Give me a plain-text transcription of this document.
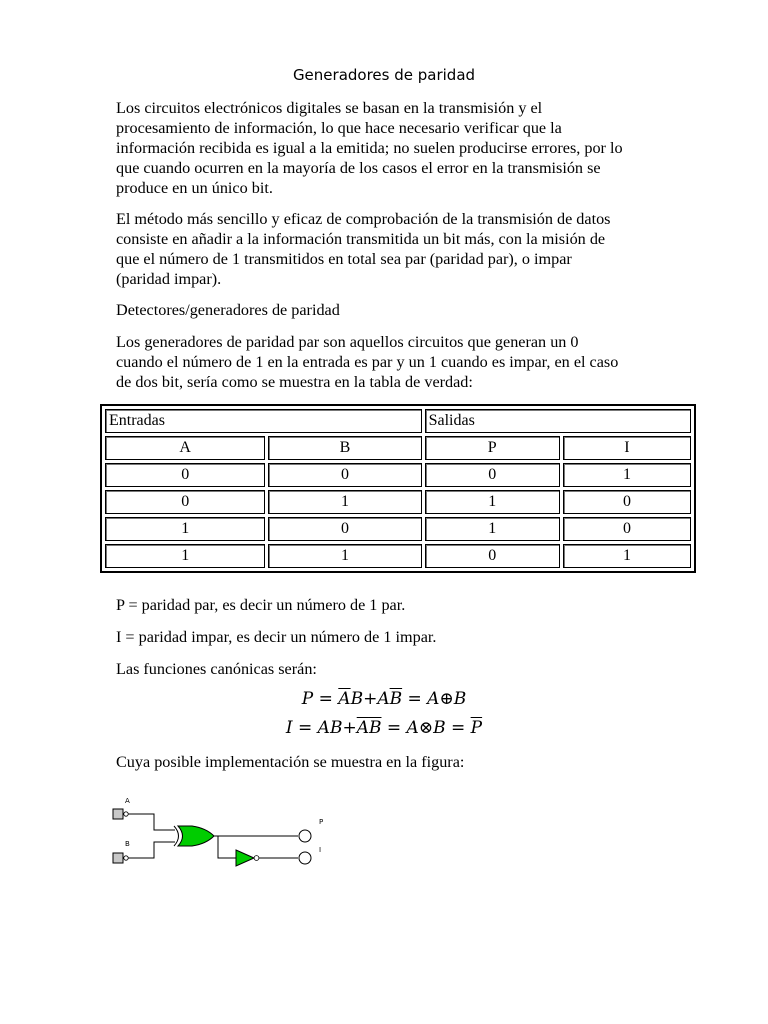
Generadores de paridad
Los circuitos electrónicos digitales se basan en la transmisión y el
procesamiento de información, lo que hace necesario verificar que la
información recibida es igual a la emitida; no suelen producirse errores, por lo
que cuando ocurren en la mayoría de los casos el error en la transmisión se
produce en un único bit.
El método más sencillo y eficaz de comprobación de la transmisión de datos
consiste en añadir a la información transmitida un bit más, con la misión de
que el número de 1 transmitidos en total sea par (paridad par), o impar
(paridad impar).
Detectores/generadores de paridad
Los generadores de paridad par son aquellos circuitos que generan un 0
cuando el número de 1 en la entrada es par y un 1 cuando es impar, en el caso
de dos bit, sería como se muestra en la tabla de verdad:
Entradas		Salidas	
A	B	P	I
0	0	0	1
0	1	1	0
1	0	1	0
1	1	0	1
P = paridad par, es decir un número de 1 par.
I = paridad impar, es decir un número de 1 impar.
Las funciones canónicas serán:
$P = \overline{A}B+A\overline{B}$ = A⊕B
$I = AB+\overline{A}\overline{B}$ = A⊗B = $\overline{P}$
Cuya posible implementación se muestra en la figura:
A
B
P
I
